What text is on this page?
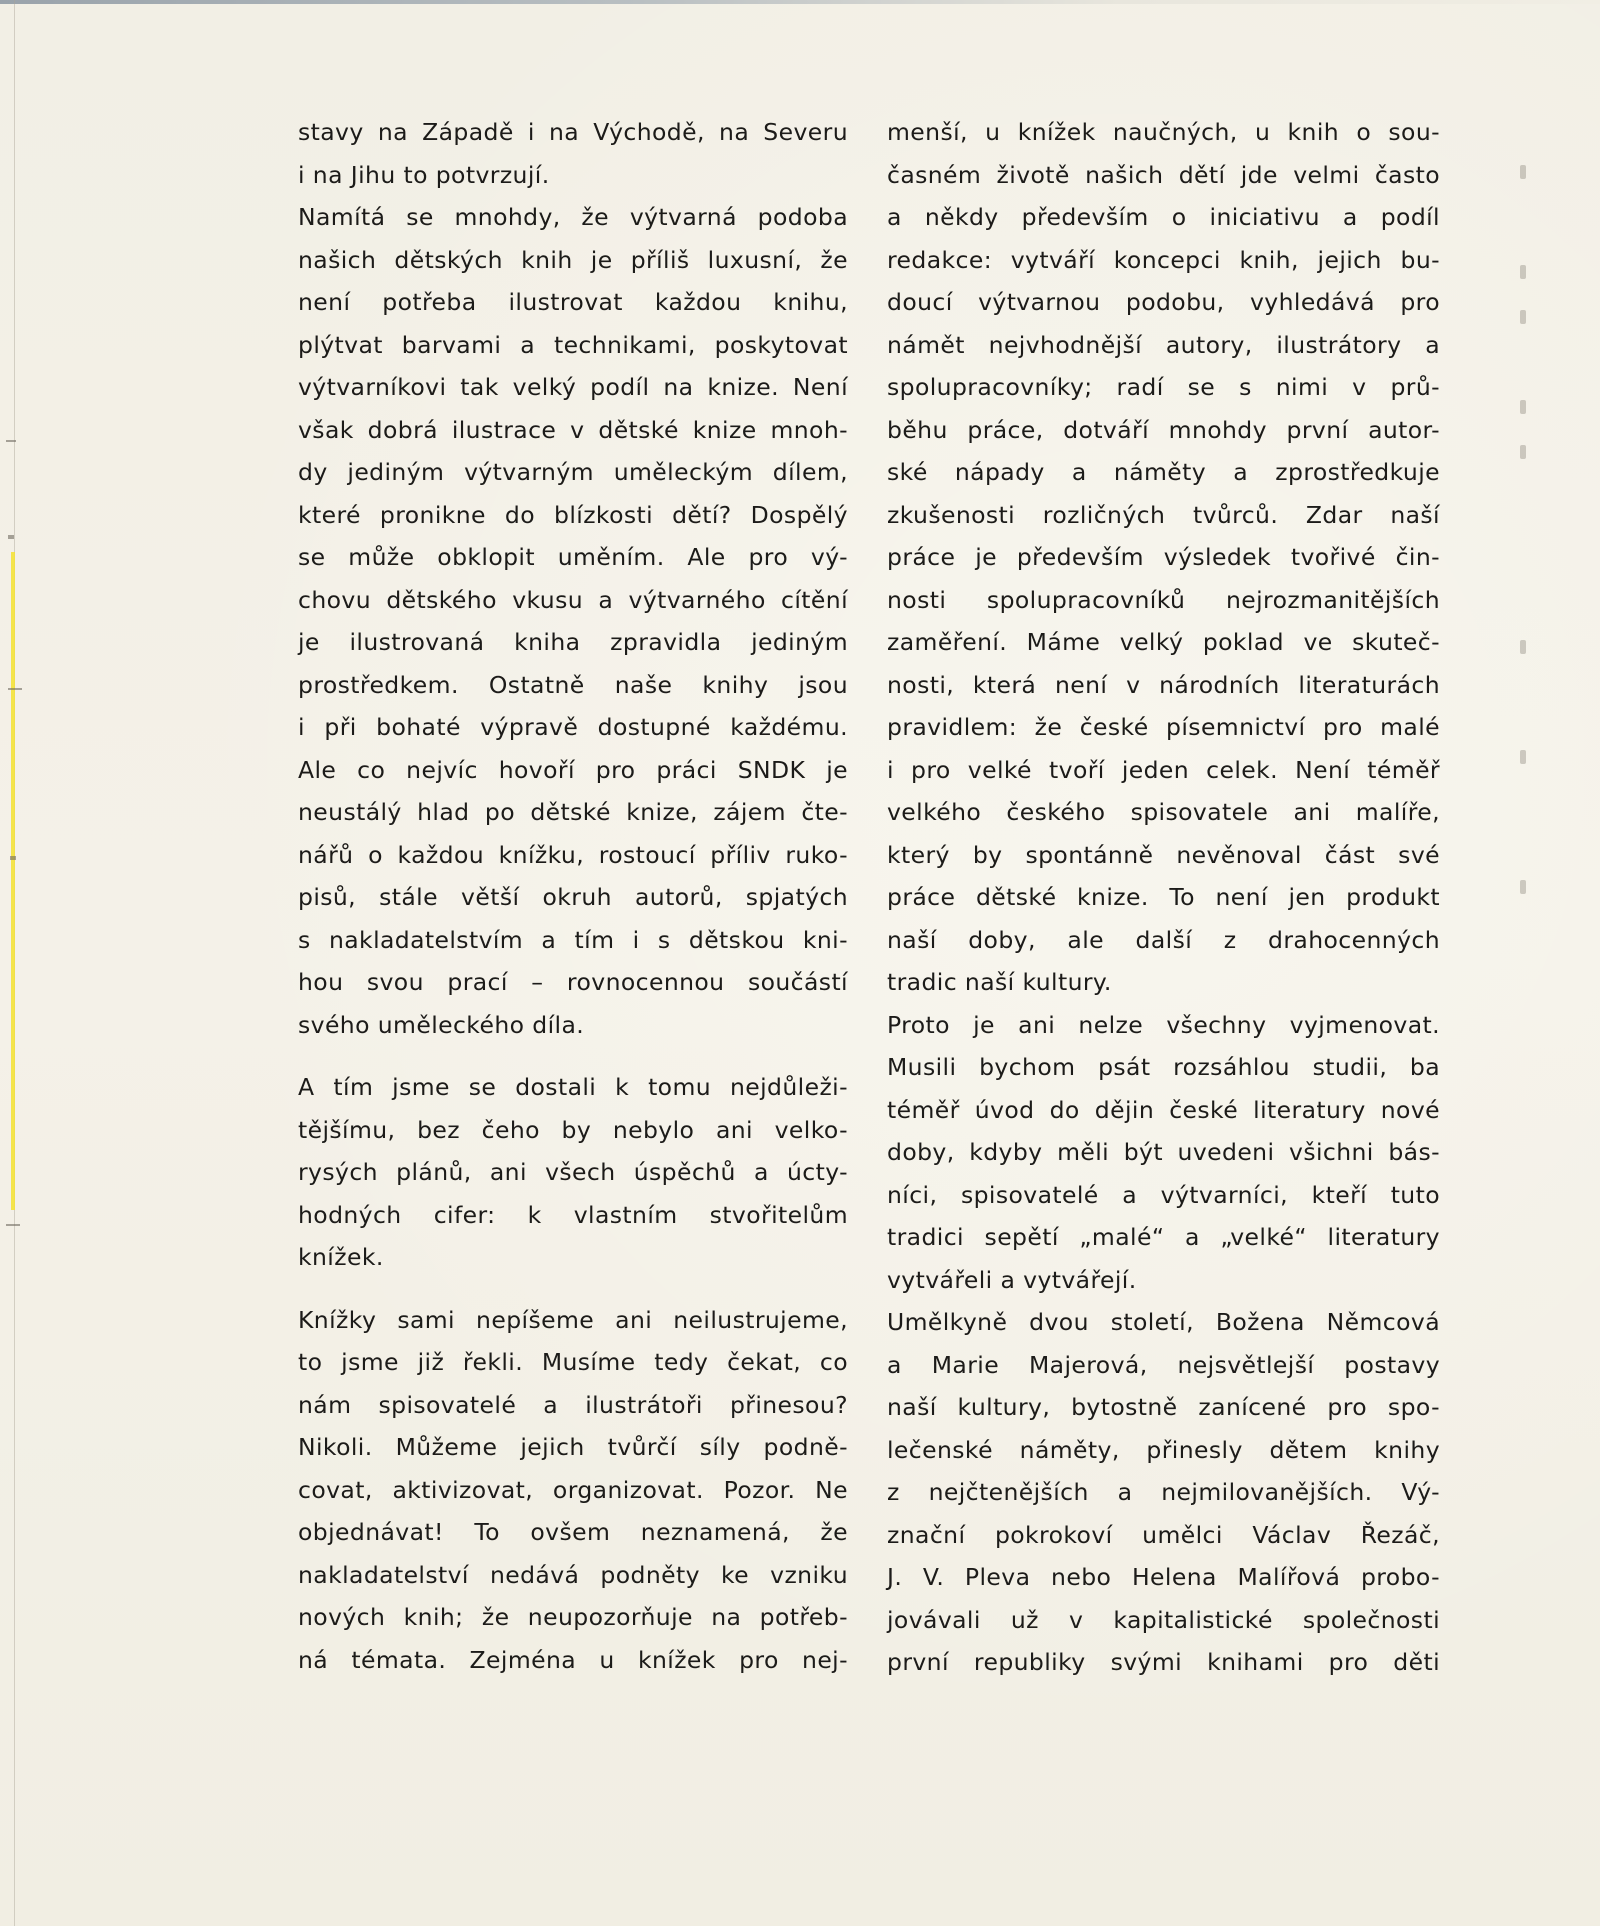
stavy na Západě i na Východě, na Severu
i na Jihu to potvrzují.
Namítá se mnohdy, že výtvarná podoba
našich dětských knih je příliš luxusní, že
není potřeba ilustrovat každou knihu,
plýtvat barvami a technikami, poskytovat
výtvarníkovi tak velký podíl na knize. Není
však dobrá ilustrace v dětské knize mnoh-
dy jediným výtvarným uměleckým dílem,
které pronikne do blízkosti dětí? Dospělý
se může obklopit uměním. Ale pro vý-
chovu dětského vkusu a výtvarného cítění
je ilustrovaná kniha zpravidla jediným
prostředkem. Ostatně naše knihy jsou
i při bohaté výpravě dostupné každému.
Ale co nejvíc hovoří pro práci SNDK je
neustálý hlad po dětské knize, zájem čte-
nářů o každou knížku, rostoucí příliv ruko-
pisů, stále větší okruh autorů, spjatých
s nakladatelstvím a tím i s dětskou kni-
hou svou prací – rovnocennou součástí
svého uměleckého díla.
A tím jsme se dostali k tomu nejdůleži-
tějšímu, bez čeho by nebylo ani velko-
rysých plánů, ani všech úspěchů a úcty-
hodných cifer: k vlastním stvořitelům
knížek.
Knížky sami nepíšeme ani neilustrujeme,
to jsme již řekli. Musíme tedy čekat, co
nám spisovatelé a ilustrátoři přinesou?
Nikoli. Můžeme jejich tvůrčí síly podně-
covat, aktivizovat, organizovat. Pozor. Ne
objednávat! To ovšem neznamená, že
nakladatelství nedává podněty ke vzniku
nových knih; že neupozorňuje na potřeb-
ná témata. Zejména u knížek pro nej-
menší, u knížek naučných, u knih o sou-
časném životě našich dětí jde velmi často
a někdy především o iniciativu a podíl
redakce: vytváří koncepci knih, jejich bu-
doucí výtvarnou podobu, vyhledává pro
námět nejvhodnější autory, ilustrátory a
spolupracovníky; radí se s nimi v prů-
běhu práce, dotváří mnohdy první autor-
ské nápady a náměty a zprostředkuje
zkušenosti rozličných tvůrců. Zdar naší
práce je především výsledek tvořivé čin-
nosti spolupracovníků nejrozmanitějších
zaměření. Máme velký poklad ve skuteč-
nosti, která není v národních literaturách
pravidlem: že české písemnictví pro malé
i pro velké tvoří jeden celek. Není téměř
velkého českého spisovatele ani malíře,
který by spontánně nevěnoval část své
práce dětské knize. To není jen produkt
naší doby, ale další z drahocenných
tradic naší kultury.
Proto je ani nelze všechny vyjmenovat.
Musili bychom psát rozsáhlou studii, ba
téměř úvod do dějin české literatury nové
doby, kdyby měli být uvedeni všichni bás-
níci, spisovatelé a výtvarníci, kteří tuto
tradici sepětí „malé“ a „velké“ literatury
vytvářeli a vytvářejí.
Umělkyně dvou století, Božena Němcová
a Marie Majerová, nejsvětlejší postavy
naší kultury, bytostně zanícené pro spo-
lečenské náměty, přinesly dětem knihy
z nejčtenějších a nejmilovanějších. Vý-
znační pokrokoví umělci Václav Řezáč,
J. V. Pleva nebo Helena Malířová probo-
jovávali už v kapitalistické společnosti
první republiky svými knihami pro děti
